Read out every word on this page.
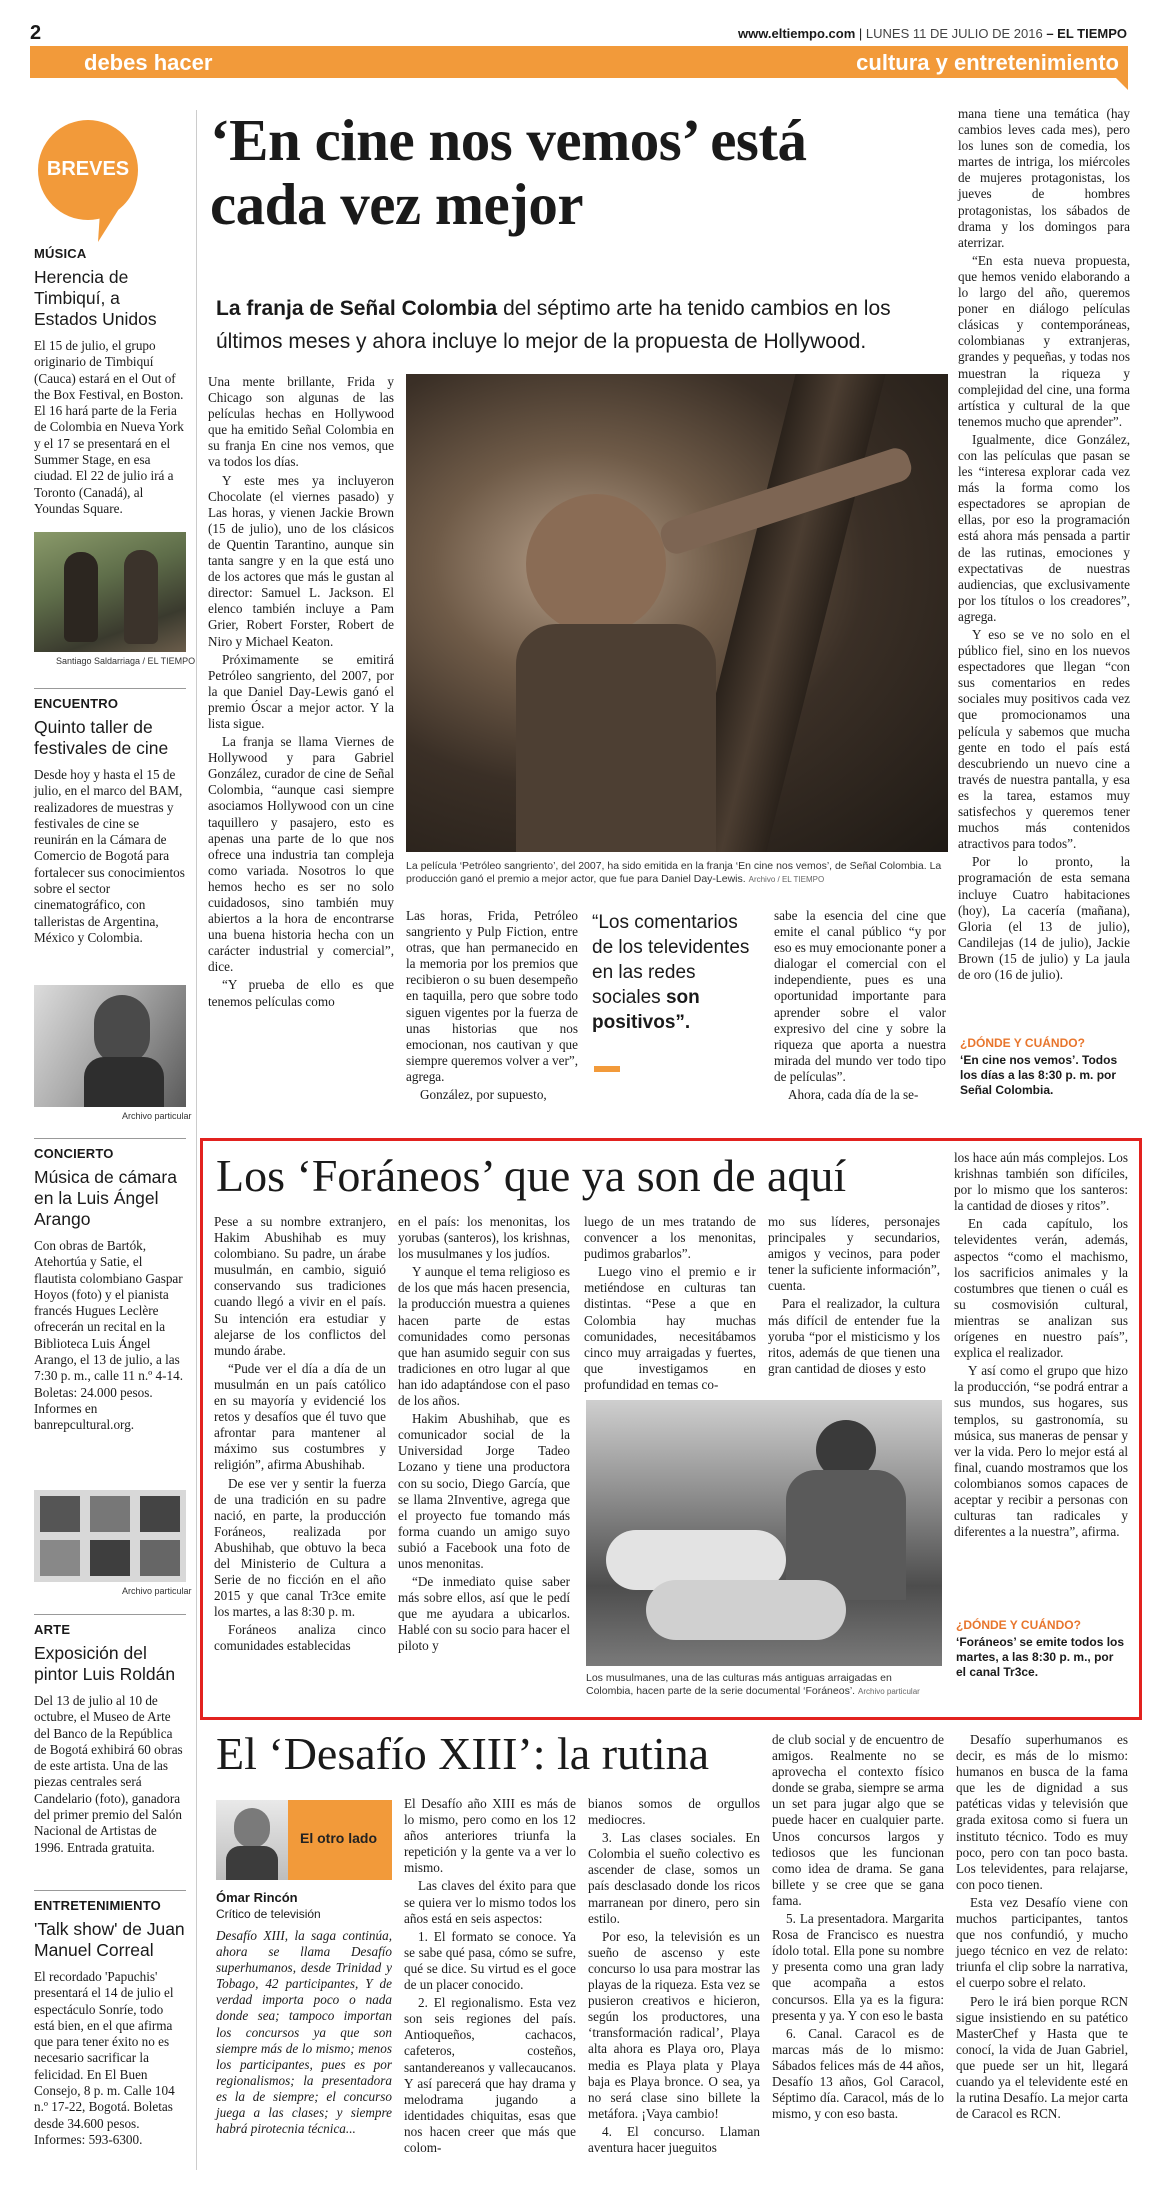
2	www.eltiempo.com | LUNES 11 DE JULIO DE 2016 – EL TIEMPO
debes hacer	cultura y entretenimiento
BREVES
MÚSICA
Herencia de Timbiquí, a Estados Unidos
El 15 de julio, el grupo originario de Timbiquí (Cauca) estará en el Out of the Box Festival, en Boston. El 16 hará parte de la Feria de Colombia en Nueva York y el 17 se presentará en el Summer Stage, en esa ciudad. El 22 de julio irá a Toronto (Canadá), al Youndas Square.
Santiago Saldarriaga / EL TIEMPO
ENCUENTRO
Quinto taller de festivales de cine
Desde hoy y hasta el 15 de julio, en el marco del BAM, realizadores de muestras y festivales de cine se reunirán en la Cámara de Comercio de Bogotá para fortalecer sus conocimientos sobre el sector cinematográfico, con talleristas de Argentina, México y Colombia.
Archivo particular
CONCIERTO
Música de cámara en la Luis Ángel Arango
Con obras de Bartók, Atehortúa y Satie, el flautista colombiano Gaspar Hoyos (foto) y el pianista francés Hugues Leclère ofrecerán un recital en la Biblioteca Luis Ángel Arango, el 13 de julio, a las 7:30 p. m., calle 11 n.º 4-14. Boletas: 24.000 pesos. Informes en banrepcultural.org.
Archivo particular
ARTE
Exposición del pintor Luis Roldán
Del 13 de julio al 10 de octubre, el Museo de Arte del Banco de la República de Bogotá exhibirá 60 obras de este artista. Una de las piezas centrales será Candelario (foto), ganadora del primer premio del Salón Nacional de Artistas de 1996. Entrada gratuita.
ENTRETENIMIENTO
'Talk show' de Juan Manuel Correal
El recordado 'Papuchis' presentará el 14 de julio el espectáculo Sonríe, todo está bien, en el que afirma que para tener éxito no es necesario sacrificar la felicidad. En El Buen Consejo, 8 p. m. Calle 104 n.º 17-22, Bogotá. Boletas desde 34.600 pesos. Informes: 593-6300.
‘En cine nos vemos’ está cada vez mejor
La franja de Señal Colombia del séptimo arte ha tenido cambios en los últimos meses y ahora incluye lo mejor de la propuesta de Hollywood.

Una mente brillante, Frida y Chicago son algunas de las películas hechas en Hollywood que ha emitido Señal Colombia en su franja En cine nos vemos, que va todos los días.

Y este mes ya incluyeron Chocolate (el viernes pasado) y Las horas, y vienen Jackie Brown (15 de julio), uno de los clásicos de Quentin Tarantino, aunque sin tanta sangre y en la que está uno de los actores que más le gustan al director: Samuel L. Jackson. El elenco también incluye a Pam Grier, Robert Forster, Robert de Niro y Michael Keaton.

Próximamente se emitirá Petróleo sangriento, del 2007, por la que Daniel Day-Lewis ganó el premio Óscar a mejor actor. Y la lista sigue.

La franja se llama Viernes de Hollywood y para Gabriel González, curador de cine de Señal Colombia, “aunque casi siempre asociamos Hollywood con un cine taquillero y pasajero, esto es apenas una parte de lo que nos ofrece una industria tan compleja como variada. Nosotros lo que hemos hecho es ser no solo cuidadosos, sino también muy abiertos a la hora de encontrarse una buena historia hecha con un carácter industrial y comercial”, dice.

“Y prueba de ello es que tenemos películas como

La película ‘Petróleo sangriento’, del 2007, ha sido emitida en la franja ‘En cine nos vemos’, de Señal Colombia. La producción ganó el premio a mejor actor, que fue para Daniel Day-Lewis. Archivo / EL TIEMPO

Las horas, Frida, Petróleo sangriento y Pulp Fiction, entre otras, que han permanecido en la memoria por los premios que recibieron o su buen desempeño en taquilla, pero que sobre todo siguen vigentes por la fuerza de unas historias que nos emocionan, nos cautivan y que siempre queremos volver a ver”, agrega.

González, por supuesto,

“Los comentarios de los televidentes en las redes sociales son positivos”.

sabe la esencia del cine que emite el canal público “y por eso es muy emocionante poner a dialogar el comercial con el independiente, pues es una oportunidad importante para aprender sobre el valor expresivo del cine y sobre la riqueza que aporta a nuestra mirada del mundo ver todo tipo de películas”.

Ahora, cada día de la se-

mana tiene una temática (hay cambios leves cada mes), pero los lunes son de comedia, los martes de intriga, los miércoles de mujeres protagonistas, los jueves de hombres protagonistas, los sábados de drama y los domingos para aterrizar.

“En esta nueva propuesta, que hemos venido elaborando a lo largo del año, queremos poner en diálogo películas clásicas y contemporáneas, colombianas y extranjeras, grandes y pequeñas, y todas nos muestran la riqueza y complejidad del cine, una forma artística y cultural de la que tenemos mucho que aprender”.

Igualmente, dice González, con las películas que pasan se les “interesa explorar cada vez más la forma como los espectadores se apropian de ellas, por eso la programación está ahora más pensada a partir de las rutinas, emociones y expectativas de nuestras audiencias, que exclusivamente por los títulos o los creadores”, agrega.

Y eso se ve no solo en el público fiel, sino en los nuevos espectadores que llegan “con sus comentarios en redes sociales muy positivos cada vez que promocionamos una película y sabemos que mucha gente en todo el país está descubriendo un nuevo cine a través de nuestra pantalla, y esa es la tarea, estamos muy satisfechos y queremos tener muchos más contenidos atractivos para todos”.

Por lo pronto, la programación de esta semana incluye Cuatro habitaciones (hoy), La cacería (mañana), Gloria (el 13 de julio), Candilejas (14 de julio), Jackie Brown (15 de julio) y La jaula de oro (16 de julio).

¿DÓNDE Y CUÁNDO?
‘En cine nos vemos’. Todos los días a las 8:30 p. m. por Señal Colombia.
Los ‘Foráneos’ que ya son de aquí

Pese a su nombre extranjero, Hakim Abushihab es muy colombiano. Su padre, un árabe musulmán, en cambio, siguió conservando sus tradiciones cuando llegó a vivir en el país. Su intención era estudiar y alejarse de los conflictos del mundo árabe.

“Pude ver el día a día de un musulmán en un país católico en su mayoría y evidencié los retos y desafíos que él tuvo que afrontar para mantener al máximo sus costumbres y religión”, afirma Abushihab.

De ese ver y sentir la fuerza de una tradición en su padre nació, en parte, la producción Foráneos, realizada por Abushihab, que obtuvo la beca del Ministerio de Cultura a Serie de no ficción en el año 2015 y que canal Tr3ce emite los martes, a las 8:30 p. m.

Foráneos analiza cinco comunidades establecidas

en el país: los menonitas, los yorubas (santeros), los krishnas, los musulmanes y los judíos.

Y aunque el tema religioso es de los que más hacen presencia, la producción muestra a quienes hacen parte de estas comunidades como personas que han asumido seguir con sus tradiciones en otro lugar al que han ido adaptándose con el paso de los años.

Hakim Abushihab, que es comunicador social de la Universidad Jorge Tadeo Lozano y tiene una productora con su socio, Diego García, que se llama 2Inventive, agrega que el proyecto fue tomando más forma cuando un amigo suyo subió a Facebook una foto de unos menonitas.

“De inmediato quise saber más sobre ellos, así que le pedí que me ayudara a ubicarlos. Hablé con su socio para hacer el piloto y

luego de un mes tratando de convencer a los menonitas, pudimos grabarlos”.

Luego vino el premio e ir metiéndose en culturas tan distintas. “Pese a que en Colombia hay muchas comunidades, necesitábamos cinco muy arraigadas y fuertes, que investigamos en profundidad en temas co-

mo sus líderes, personajes principales y secundarios, amigos y vecinos, para poder tener la suficiente información”, cuenta.

Para el realizador, la cultura más difícil de entender fue la yoruba “por el misticismo y los ritos, además de que tienen una gran cantidad de dioses y esto

Los musulmanes, una de las culturas más antiguas arraigadas en Colombia, hacen parte de la serie documental ‘Foráneos’. Archivo particular

los hace aún más complejos. Los krishnas también son difíciles, por lo mismo que los santeros: la cantidad de dioses y ritos”.

En cada capítulo, los televidentes verán, además, aspectos “como el machismo, los sacrificios animales y la costumbres que tienen o cuál es su cosmovisión cultural, mientras se analizan sus orígenes en nuestro país”, explica el realizador.

Y así como el grupo que hizo la producción, “se podrá entrar a sus mundos, sus hogares, sus templos, su gastronomía, su música, sus maneras de pensar y ver la vida. Pero lo mejor está al final, cuando mostramos que los colombianos somos capaces de aceptar y recibir a personas con culturas tan radicales y diferentes a la nuestra”, afirma.

¿DÓNDE Y CUÁNDO?
‘Foráneos’ se emite todos los martes, a las 8:30 p. m., por el canal Tr3ce.
El ‘Desafío XIII’: la rutina
El otro lado
Ómar Rincón
Crítico de televisión

Desafío XIII, la saga continúa, ahora se llama Desafío superhumanos, desde Trinidad y Tobago, 42 participantes, Y de verdad importa poco o nada donde sea; tampoco importan los concursos ya que son siempre más de lo mismo; menos los participantes, pues es por regionalismos; la presentadora es la de siempre; el concurso juega a las clases; y siempre habrá pirotecnia técnica...

El Desafío año XIII es más de lo mismo, pero como en los 12 años anteriores triunfa la repetición y la gente va a ver lo mismo.

Las claves del éxito para que se quiera ver lo mismo todos los años está en seis aspectos:

1. El formato se conoce. Ya se sabe qué pasa, cómo se sufre, qué se dice. Su virtud es el goce de un placer conocido.

2. El regionalismo. Esta vez son seis regiones del país. Antioqueños, cachacos, cafeteros, costeños, santandereanos y vallecaucanos. Y así parecerá que hay drama y melodrama jugando a identidades chiquitas, esas que nos hacen creer que más que colom-

bianos somos de orgullos mediocres.

3. Las clases sociales. En Colombia el sueño colectivo es ascender de clase, somos un país desclasado donde los ricos marranean por dinero, pero sin estilo.

Por eso, la televisión es un sueño de ascenso y este concurso lo usa para mostrar las playas de la riqueza. Esta vez se pusieron creativos e hicieron, según los productores, una ‘transformación radical’, Playa alta ahora es Playa oro, Playa media es Playa plata y Playa baja es Playa bronce. O sea, ya no será clase sino billete la metáfora. ¡Vaya cambio!

4. El concurso. Llaman aventura hacer jueguitos

de club social y de encuentro de amigos. Realmente no se aprovecha el contexto físico donde se graba, siempre se arma un set para jugar algo que se puede hacer en cualquier parte. Unos concursos largos y tediosos que les funcionan como idea de drama. Se gana billete y se cree que se gana fama.

5. La presentadora. Margarita Rosa de Francisco es nuestra ídolo total. Ella pone su nombre y presenta como una gran lady que acompaña a estos concursos. Ella ya es la figura: presenta y ya. Y con eso le basta

6. Canal. Caracol es de marcas más de lo mismo: Sábados felices más de 44 años, Desafío 13 años, Gol Caracol, Séptimo día. Caracol, más de lo mismo, y con eso basta.

Desafío superhumanos es decir, es más de lo mismo: humanos en busca de la fama que les de dignidad a sus patéticas vidas y televisión que grada exitosa como si fuera un instituto técnico. Todo es muy poco, pero con tan poco basta. Los televidentes, para relajarse, con poco tienen.

Esta vez Desafío viene con muchos participantes, tantos que nos confundió, y mucho juego técnico en vez de relato: triunfa el clip sobre la narrativa, el cuerpo sobre el relato.

Pero le irá bien porque RCN sigue insistiendo en su patético MasterChef y Hasta que te conocí, la vida de Juan Gabriel, que puede ser un hit, llegará cuando ya el televidente esté en la rutina Desafío. La mejor carta de Caracol es RCN.
